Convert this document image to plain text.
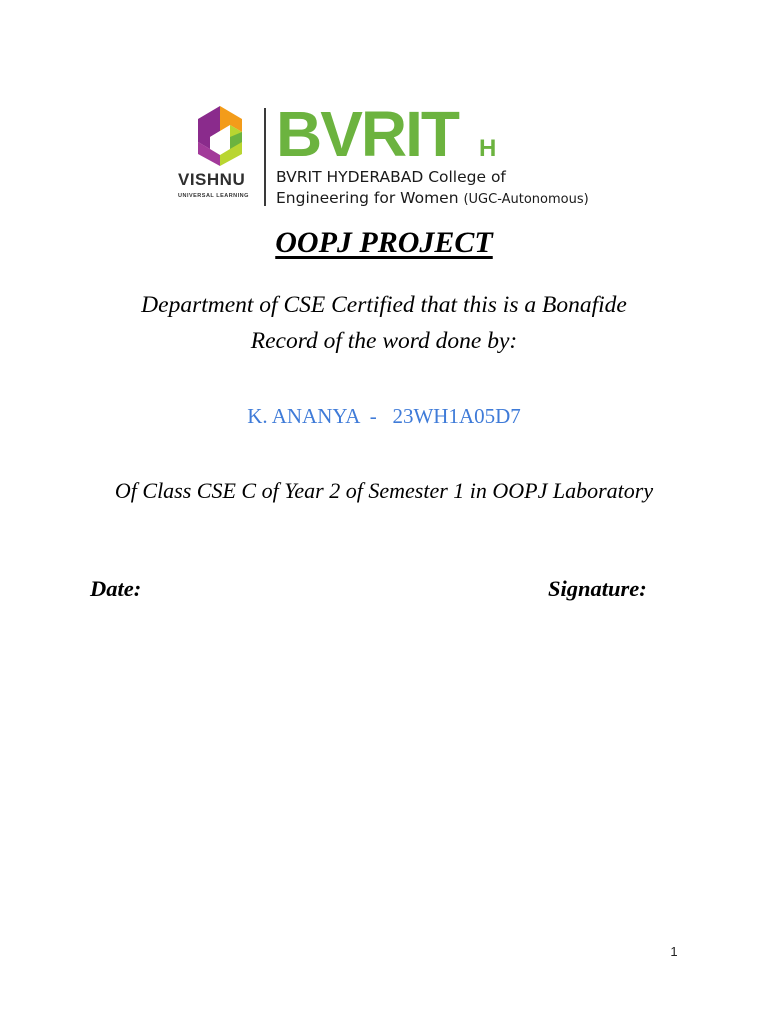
VISHNU
UNIVERSAL LEARNING
BVRIT H
BVRIT HYDERABAD College of
Engineering for Women (UGC-Autonomous)
OOPJ PROJECT
Department of CSE Certified that this is a Bonafide
Record of the word done by:
K. ANANYA  -   23WH1A05D7
Of Class CSE C of Year 2 of Semester 1 in OOPJ Laboratory
Date:	Signature:
1
